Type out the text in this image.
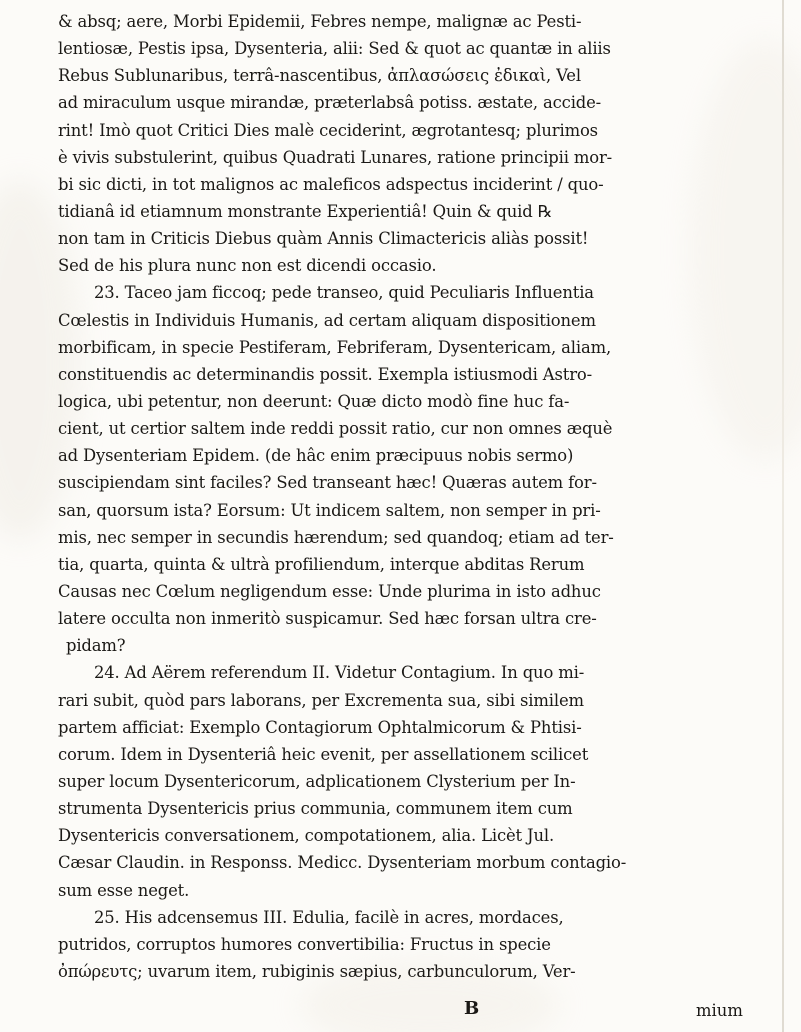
& absq; aere, Morbi Epidemii, Febres nempe, malignæ ac Pesti-
lentiosæ, Pestis ipsa, Dysenteria, alii: Sed & quot ac quantæ in aliis
Rebus Sublunaribus, terrâ-nascentibus, ἀπλασώσεις ἐδικαὶ, Vel
ad miraculum usque mirandæ, præterlabsâ potiss. æstate, accide-
rint! Imò quot Critici Dies malè ceciderint, ægrotantesq; plurimos
è vivis substulerint, quibus Quadrati Lunares, ratione principii mor-
bi sic dicti, in tot malignos ac maleficos adspectus inciderint / quo-
tidianâ id etiamnum monstrante Experientiâ! Quin & quid ℞
non tam in Criticis Diebus quàm Annis Climactericis aliàs possit!
Sed de his plura nunc non est dicendi occasio.
23. Taceo jam ficcoq; pede transeo, quid Peculiaris Influentia
Cœlestis in Individuis Humanis, ad certam aliquam dispositionem
morbificam, in specie Pestiferam, Febriferam, Dysentericam, aliam,
constituendis ac determinandis possit. Exempla istiusmodi Astro-
logica, ubi petentur, non deerunt: Quæ dicto modò fine huc fa-
cient, ut certior saltem inde reddi possit ratio, cur non omnes æquè
ad Dysenteriam Epidem. (de hâc enim præcipuus nobis sermo)
suscipiendam sint faciles? Sed transeant hæc! Quæras autem for-
san, quorsum ista? Eorsum: Ut indicem saltem, non semper in pri-
mis, nec semper in secundis hærendum; sed quandoq; etiam ad ter-
tia, quarta, quinta & ultrà profiliendum, interque abditas Rerum
Causas nec Cœlum negligendum esse: Unde plurima in isto adhuc
latere occulta non inmeritò suspicamur. Sed hæc forsan ultra cre-
pidam?
24. Ad Aërem referendum II. Videtur Contagium. In quo mi-
rari subit, quòd pars laborans, per Excrementa sua, sibi similem
partem afficiat: Exemplo Contagiorum Ophtalmicorum & Phtisi-
corum. Idem in Dysenteriâ heic evenit, per assellationem scilicet
super locum Dysentericorum, adplicationem Clysterium per In-
strumenta Dysentericis prius communia, communem item cum
Dysentericis conversationem, compotationem, alia. Licèt Jul.
Cæsar Claudin. in Responss. Medicc. Dysenteriam morbum contagio-
sum esse neget.
25. His adcensemus III. Edulia, facilè in acres, mordaces,
putridos, corruptos humores convertibilia: Fructus in specie
ὀπώρευτς; uvarum item, rubiginis sæpius, carbunculorum, Ver-
B	mium
